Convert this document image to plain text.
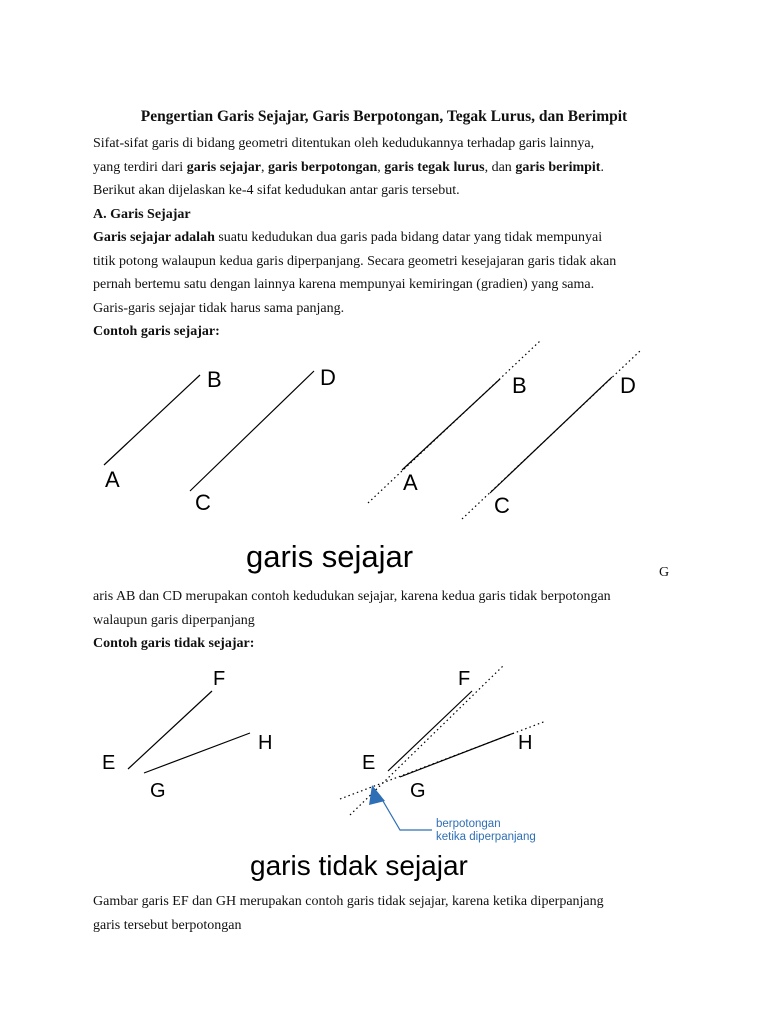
Pengertian Garis Sejajar, Garis Berpotongan, Tegak Lurus, dan Berimpit
Sifat-sifat garis di bidang geometri ditentukan oleh kedudukannya terhadap garis lainnya,
yang terdiri dari garis sejajar, garis berpotongan, garis tegak lurus, dan garis berimpit.
Berikut akan dijelaskan ke-4 sifat kedudukan antar garis tersebut.
A. Garis Sejajar
Garis sejajar adalah suatu kedudukan dua garis pada bidang datar yang tidak mempunyai
titik potong walaupun kedua garis diperpanjang. Secara geometri kesejajaran garis tidak akan
pernah bertemu satu dengan lainnya karena mempunyai kemiringan (gradien) yang sama.
Garis-garis sejajar tidak harus sama panjang.
Contoh garis sejajar:
B	D
A
C
B	D
A
C
garis sejajar	G
aris AB dan CD merupakan contoh kedudukan sejajar, karena kedua garis tidak berpotongan
walaupun garis diperpanjang
Contoh garis tidak sejajar:
F
H
E
G
F
H
E
G
berpotongan
ketika diperpanjang
garis tidak sejajar
Gambar garis EF dan GH merupakan contoh garis tidak sejajar, karena ketika diperpanjang
garis tersebut berpotongan
